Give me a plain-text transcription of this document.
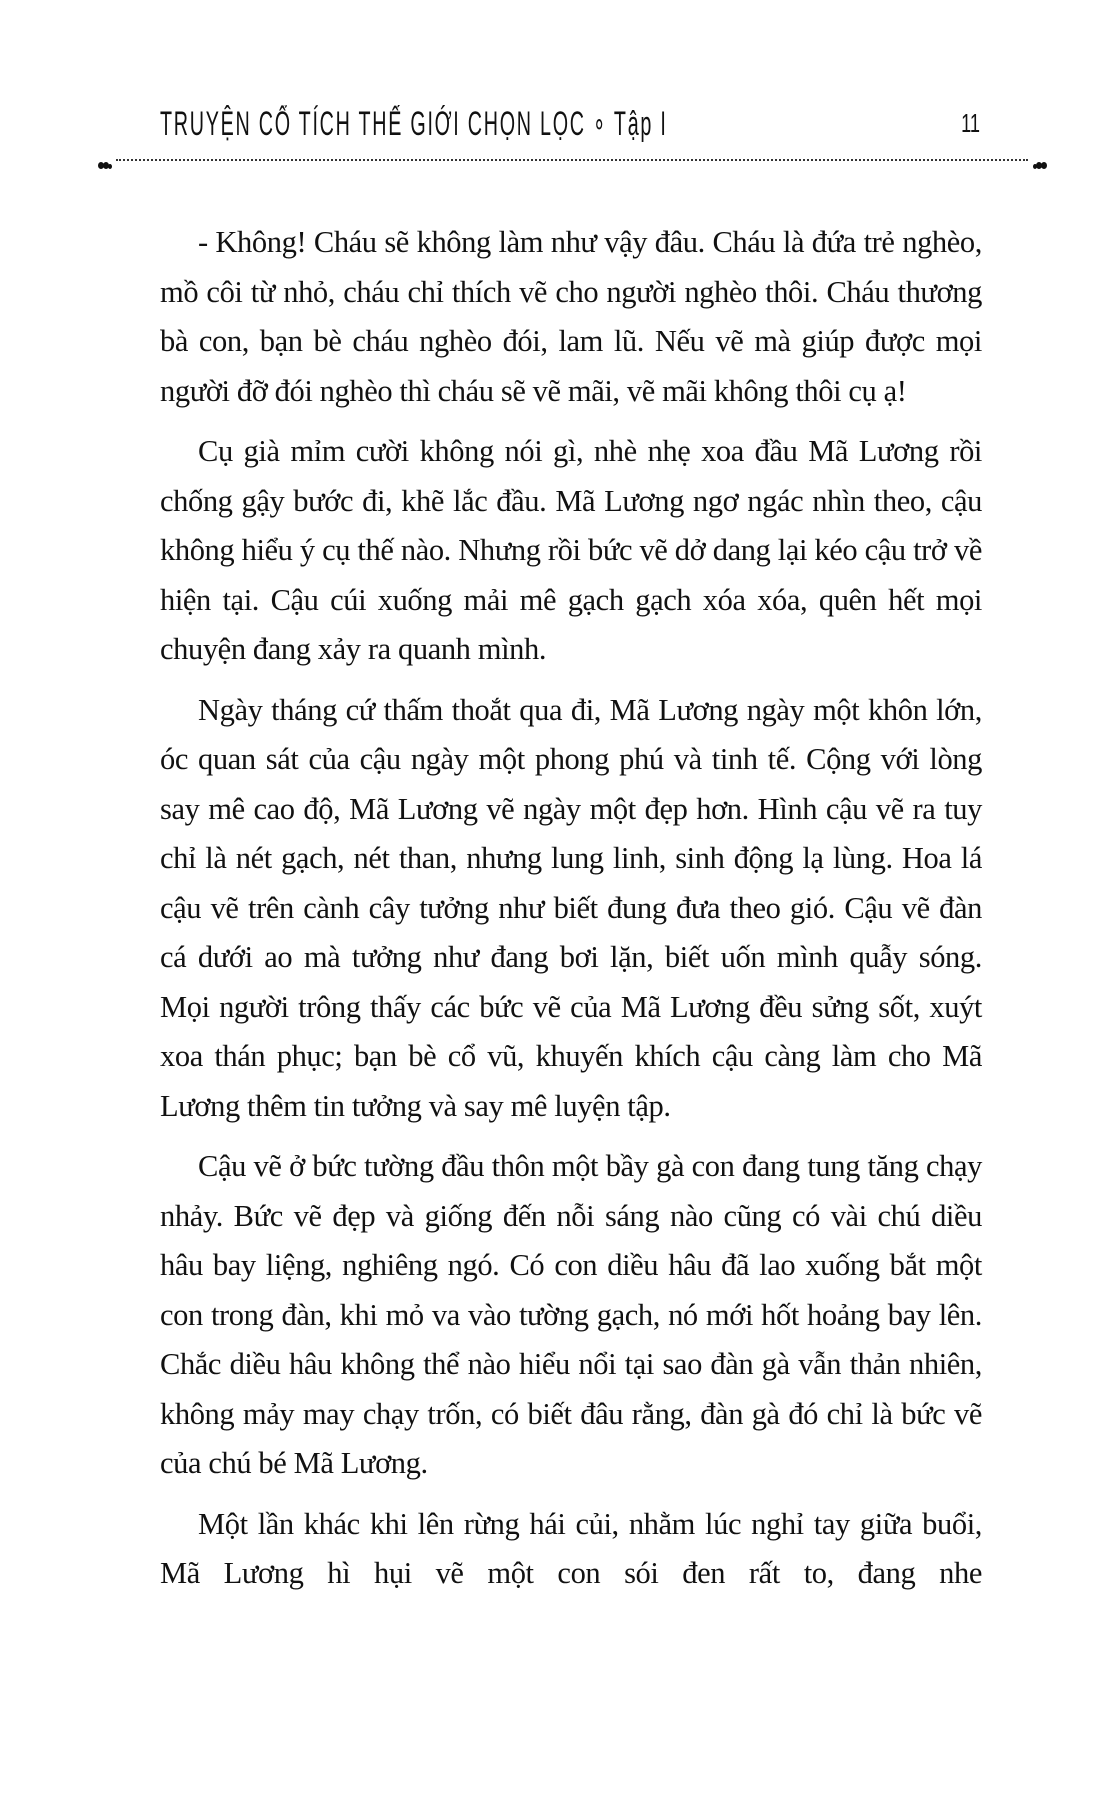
TRUYỆN CỔ TÍCH THẾ GIỚI CHỌN LỌC ∘ Tập I	11

- Không! Cháu sẽ không làm như vậy đâu. Cháu là đứa trẻ nghèo, mồ côi từ nhỏ, cháu chỉ thích vẽ cho người nghèo thôi. Cháu thương bà con, bạn bè cháu nghèo đói, lam lũ. Nếu vẽ mà giúp được mọi người đỡ đói nghèo thì cháu sẽ vẽ mãi, vẽ mãi không thôi cụ ạ!

Cụ già mỉm cười không nói gì, nhè nhẹ xoa đầu Mã Lương rồi chống gậy bước đi, khẽ lắc đầu. Mã Lương ngơ ngác nhìn theo, cậu không hiểu ý cụ thế nào. Nhưng rồi bức vẽ dở dang lại kéo cậu trở về hiện tại. Cậu cúi xuống mải mê gạch gạch xóa xóa, quên hết mọi chuyện đang xảy ra quanh mình.

Ngày tháng cứ thấm thoắt qua đi, Mã Lương ngày một khôn lớn, óc quan sát của cậu ngày một phong phú và tinh tế. Cộng với lòng say mê cao độ, Mã Lương vẽ ngày một đẹp hơn. Hình cậu vẽ ra tuy chỉ là nét gạch, nét than, nhưng lung linh, sinh động lạ lùng. Hoa lá cậu vẽ trên cành cây tưởng như biết đung đưa theo gió. Cậu vẽ đàn cá dưới ao mà tưởng như đang bơi lặn, biết uốn mình quẫy sóng. Mọi người trông thấy các bức vẽ của Mã Lương đều sửng sốt, xuýt xoa thán phục; bạn bè cổ vũ, khuyến khích cậu càng làm cho Mã Lương thêm tin tưởng và say mê luyện tập.

Cậu vẽ ở bức tường đầu thôn một bầy gà con đang tung tăng chạy nhảy. Bức vẽ đẹp và giống đến nỗi sáng nào cũng có vài chú diều hâu bay liệng, nghiêng ngó. Có con diều hâu đã lao xuống bắt một con trong đàn, khi mỏ va vào tường gạch, nó mới hốt hoảng bay lên. Chắc diều hâu không thể nào hiểu nổi tại sao đàn gà vẫn thản nhiên, không mảy may chạy trốn, có biết đâu rằng, đàn gà đó chỉ là bức vẽ của chú bé Mã Lương.

Một lần khác khi lên rừng hái củi, nhằm lúc nghỉ tay giữa buổi, Mã Lương hì hụi vẽ một con sói đen rất to, đang nhe
